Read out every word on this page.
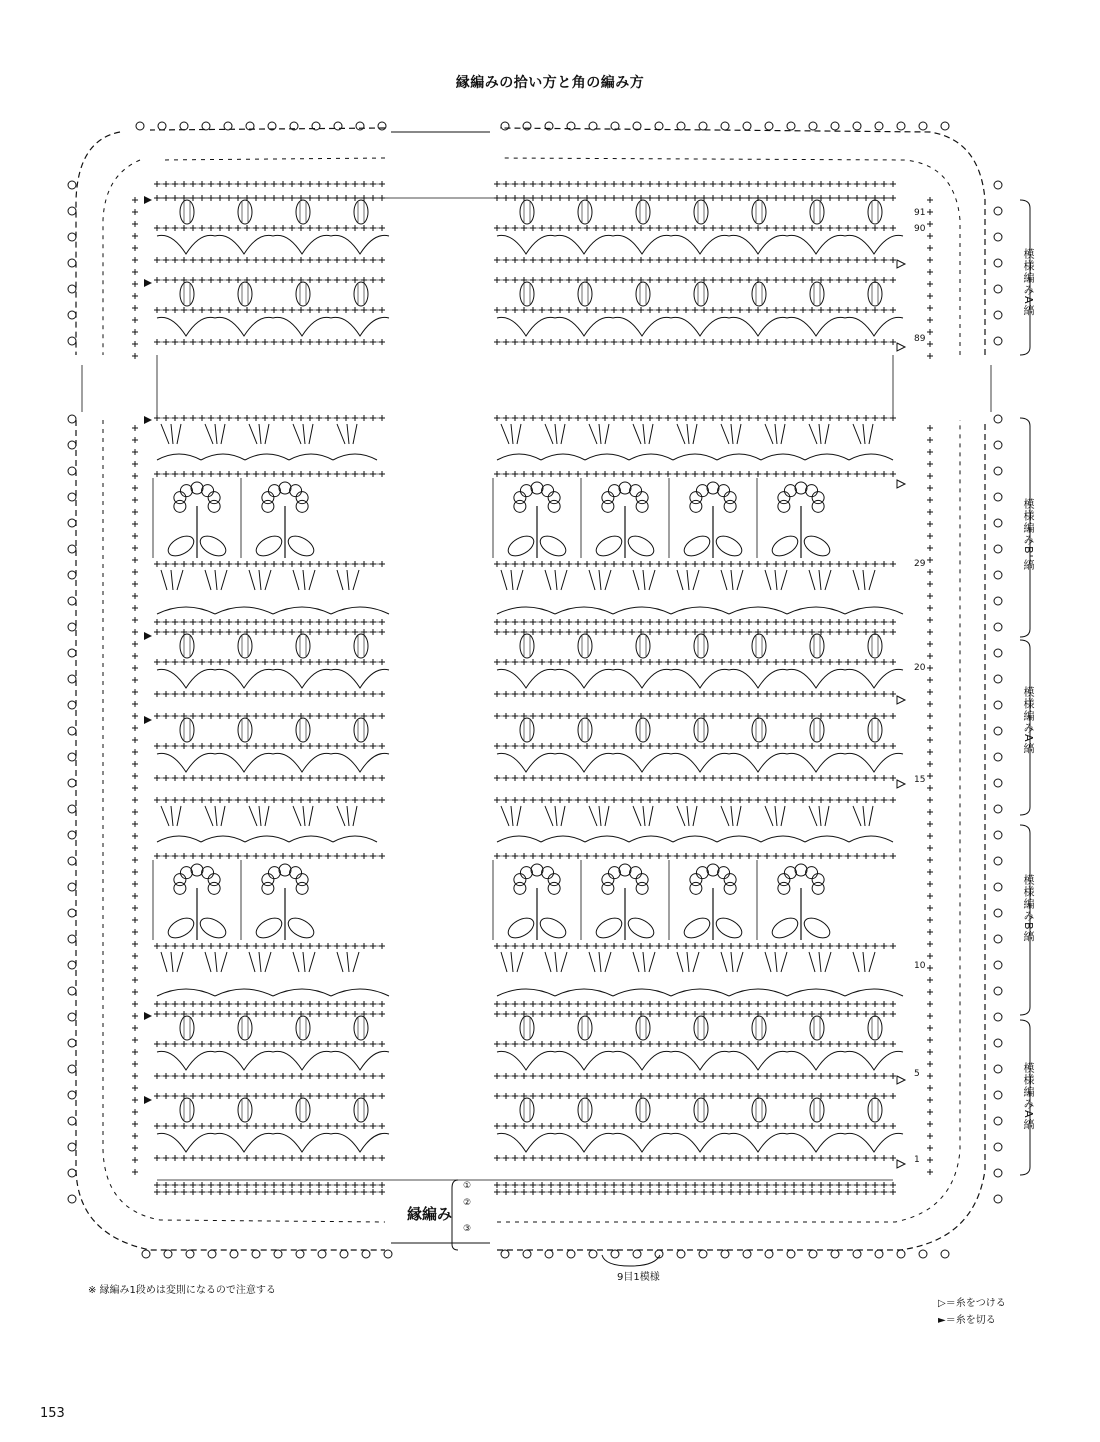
縁編みの拾い方と角の編み方
模様編みA縞
模様編みB'縞
模様編みA縞
模様編みB縞
模様編みA縞
91
90
89
29
20
15
10
5
1
①
②
③
縁編み
9目1模様
※ 縁編み1段めは変則になるので注意する
▷＝糸をつける
►＝糸を切る
153
